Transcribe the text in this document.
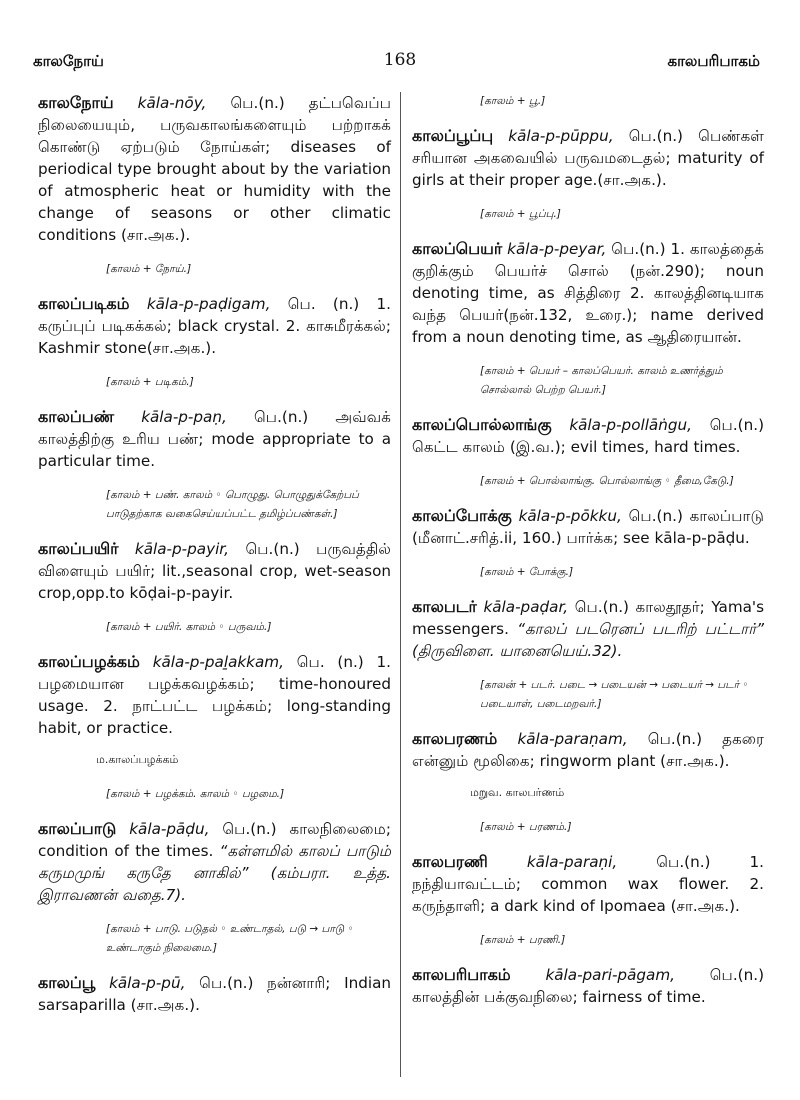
காலநோய்	168	காலபரிபாகம்
காலநோய் kāla-nōy, பெ.(n.) தட்பவெப்ப நிலையையும், பருவகாலங்களையும் பற்றாகக் கொண்டு ஏற்படும் நோய்கள்; diseases of periodical type brought about by the variation of atmospheric heat or humidity with the change of seasons or other climatic conditions (சா.அக.).
[காலம் + நோய்.]
காலப்படிகம் kāla-p-paḍigam, பெ. (n.) 1. கருப்புப் படிகக்கல்; black crystal. 2. காசுமீரக்கல்; Kashmir stone(சா.அக.).
[காலம் + படிகம்.]
காலப்பண் kāla-p-paṇ, பெ.(n.) அவ்வக் காலத்திற்கு உரிய பண்; mode appropriate to a particular time.
[காலம் + பண். காலம் ◦ பொழுது. பொழுதுக்கேற்பப் பாடுதற்காக வகைசெய்யப்பட்ட தமிழ்ப்பண்கள்.]
காலப்பயிர் kāla-p-payir, பெ.(n.) பருவத்தில் விளையும் பயிர்; lit.,seasonal crop, wet-season crop,opp.to kōḍai-p-payir.
[காலம் + பயிர். காலம் ◦ பருவம்.]
காலப்பழக்கம் kāla-p-paḻakkam, பெ. (n.) 1. பழமையான பழக்கவழக்கம்; time-honoured usage. 2. நாட்பட்ட பழக்கம்; long-standing habit, or practice.
ம.காலப்பழக்கம்
[காலம் + பழக்கம். காலம் ◦ பழமை.]
காலப்பாடு kāla-pāḍu, பெ.(n.) காலநிலைமை; condition of the times. “கள்ளமில் காலப் பாடும் கருமமுங் கருதே னாகில்” (கம்பரா. உத்த. இராவணன் வதை.7).
[காலம் + பாடு. படுதல் ◦ உண்டாதல், படு → பாடு ◦ உண்டாகும் நிலைமை.]
காலப்பூ kāla-p-pū, பெ.(n.) நன்னாரி; Indian sarsaparilla (சா.அக.).
[காலம் + பூ.]
காலப்பூப்பு kāla-p-pūppu, பெ.(n.) பெண்கள் சரியான அகவையில் பருவமடைதல்; maturity of girls at their proper age.(சா.அக.).
[காலம் + பூப்பு.]
காலப்பெயர் kāla-p-peyar, பெ.(n.) 1. காலத்தைக் குறிக்கும் பெயர்ச் சொல் (நன்.290); noun denoting time, as சித்திரை 2. காலத்தினடியாக வந்த பெயர்(நன்.132, உரை.); name derived from a noun denoting time, as ஆதிரையான்.
[காலம் + பெயர் – காலப்பெயர். காலம் உணர்த்தும் சொல்லால் பெற்ற பெயர்.]
காலப்பொல்லாங்கு kāla-p-pollāṅgu, பெ.(n.) கெட்ட காலம் (இ.வ.); evil times, hard times.
[காலம் + பொல்லாங்கு. பொல்லாங்கு ◦ தீமை,கேடு.]
காலப்போக்கு kāla-p-pōkku, பெ.(n.) காலப்பாடு (மீனாட்.சரித்.ii, 160.) பார்க்க; see kāla-p-pāḍu.
[காலம் + போக்கு.]
காலபடர் kāla-paḍar, பெ.(n.) காலதூதர்; Yama's messengers. “காலப் படரெனப் படரிற் பட்டார்” (திருவிளை. யானையெய்.32).
[காலன் + படர். படை → படையன் → படையர் → படர் ◦ படையாள், படைமறவர்.]
காலபரணம் kāla-paraṇam, பெ.(n.) தகரை என்னும் மூலிகை; ringworm plant (சா.அக.).
மறுவ. காலபர்ணம்
[காலம் + பரணம்.]
காலபரணி	kāla-paraṇi,	பெ.(n.) 1. நந்தியாவட்டம்; common wax flower. 2. கருந்தாளி; a dark kind of Ipomaea (சா.அக.).
[காலம் + பரணி.]
காலபரிபாகம் kāla-pari-pāgam, பெ.(n.) காலத்தின் பக்குவநிலை; fairness of time.
